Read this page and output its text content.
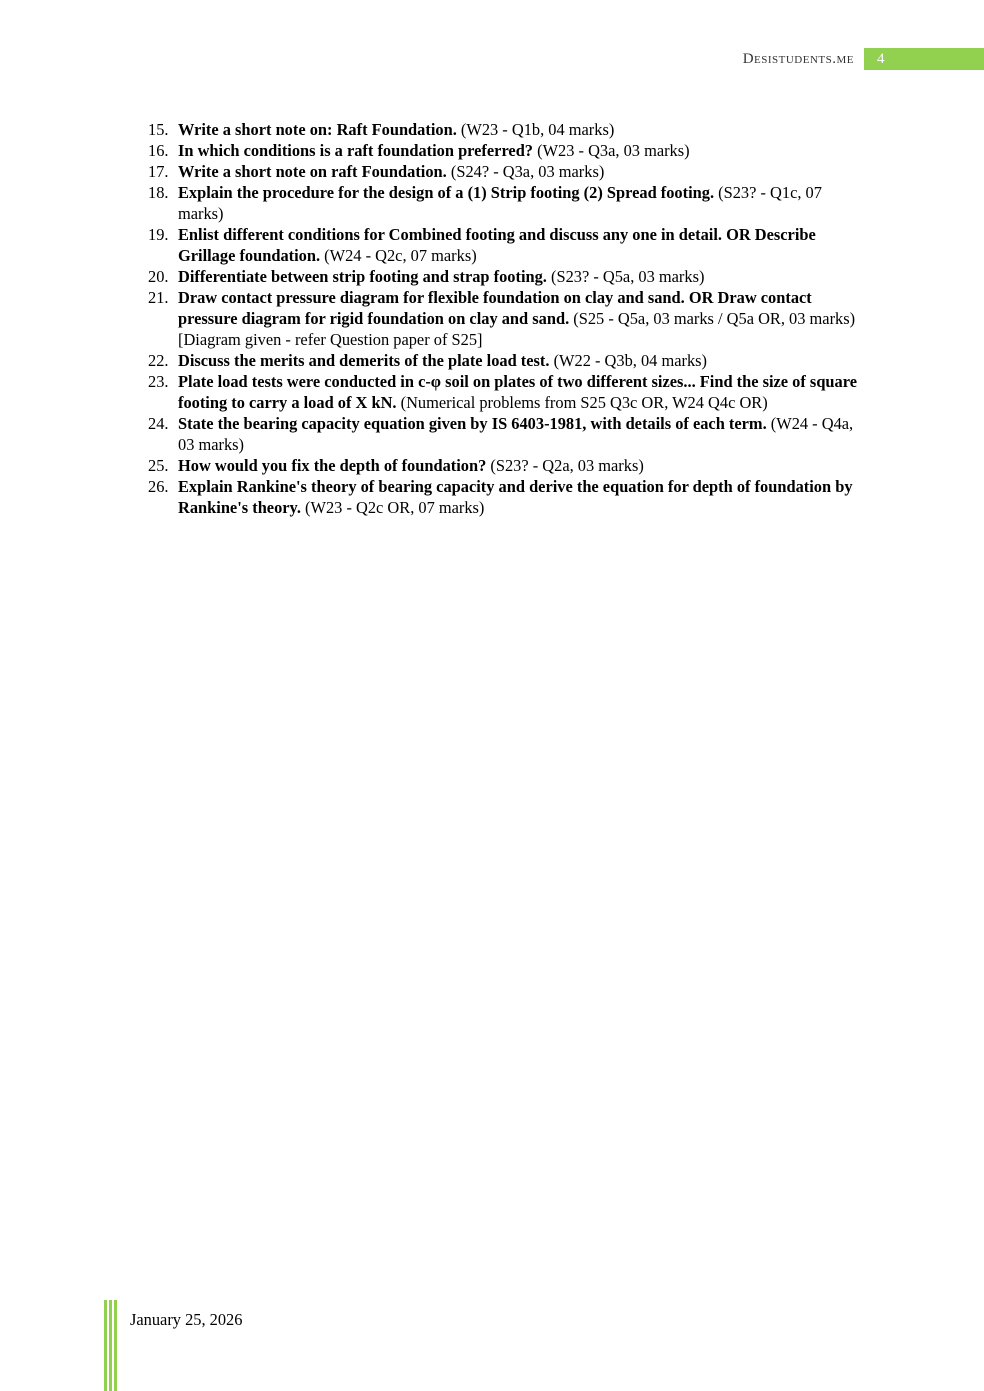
Desistudents.me 4
15. Write a short note on: Raft Foundation. (W23 - Q1b, 04 marks)
16. In which conditions is a raft foundation preferred? (W23 - Q3a, 03 marks)
17. Write a short note on raft Foundation. (S24? - Q3a, 03 marks)
18. Explain the procedure for the design of a (1) Strip footing (2) Spread footing. (S23? - Q1c, 07 marks)
19. Enlist different conditions for Combined footing and discuss any one in detail. OR Describe Grillage foundation. (W24 - Q2c, 07 marks)
20. Differentiate between strip footing and strap footing. (S23? - Q5a, 03 marks)
21. Draw contact pressure diagram for flexible foundation on clay and sand. OR Draw contact pressure diagram for rigid foundation on clay and sand. (S25 - Q5a, 03 marks / Q5a OR, 03 marks) [Diagram given - refer Question paper of S25]
22. Discuss the merits and demerits of the plate load test. (W22 - Q3b, 04 marks)
23. Plate load tests were conducted in c-φ soil on plates of two different sizes... Find the size of square footing to carry a load of X kN. (Numerical problems from S25 Q3c OR, W24 Q4c OR)
24. State the bearing capacity equation given by IS 6403-1981, with details of each term. (W24 - Q4a, 03 marks)
25. How would you fix the depth of foundation? (S23? - Q2a, 03 marks)
26. Explain Rankine's theory of bearing capacity and derive the equation for depth of foundation by Rankine's theory. (W23 - Q2c OR, 07 marks)
January 25, 2026
